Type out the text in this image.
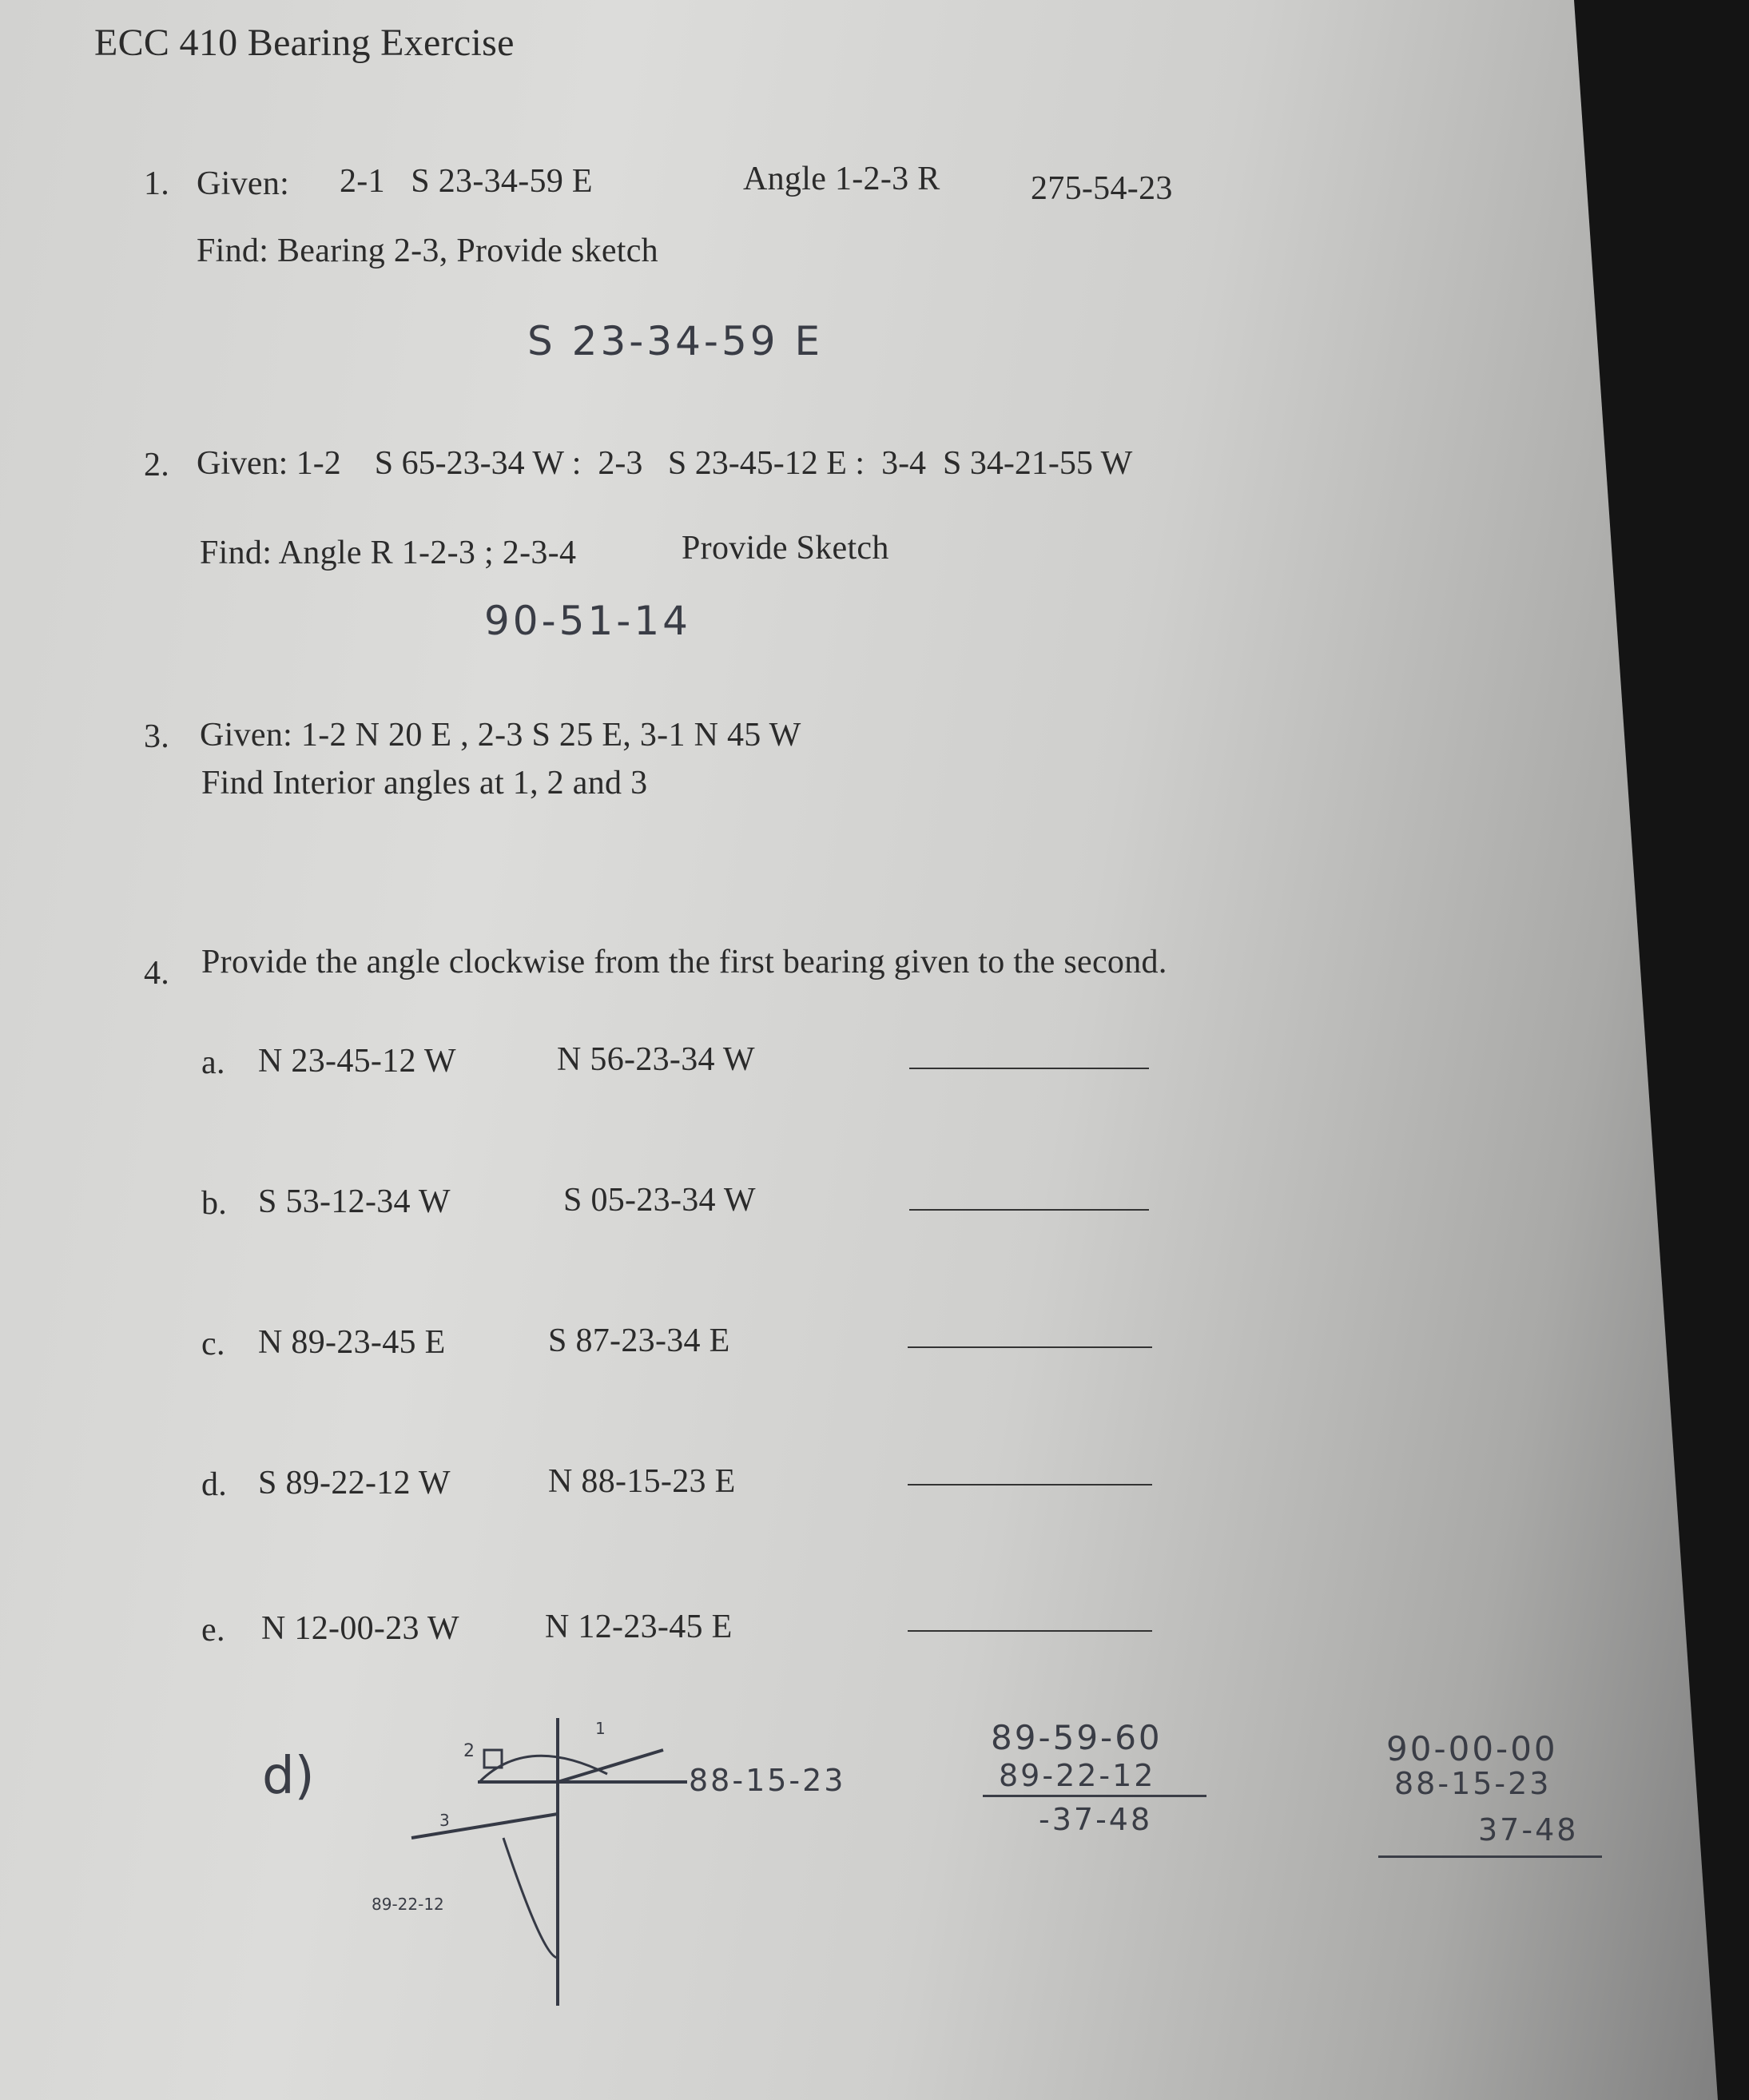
ECC 410 Bearing Exercise
1. Given: 2-1   S 23-34-59 E	Angle 1-2-3 R	275-54-23
Find: Bearing 2-3, Provide sketch
S 23-34-59 E
2. Given: 1-2    S 65-23-34 W :  2-3   S 23-45-12 E :  3-4  S 34-21-55 W
Find: Angle R 1-2-3 ; 2-3-4	Provide Sketch
90-51-14
3. Given: 1-2 N 20 E , 2-3 S 25 E, 3-1 N 45 W
Find Interior angles at 1, 2 and 3
4. Provide the angle clockwise from the first bearing given to the second.
a. N 23-45-12 W	N 56-23-34 W
b. S 53-12-34 W	S 05-23-34 W
c. N 89-23-45 E	S 87-23-34 E
d. S 89-22-12 W	N 88-15-23 E
e. N 12-00-23 W	N 12-23-45 E
d)	2
1
3
89-22-12
88-15-23
89-59-60
89-22-12
-37-48
90-00-00
88-15-23
37-48
